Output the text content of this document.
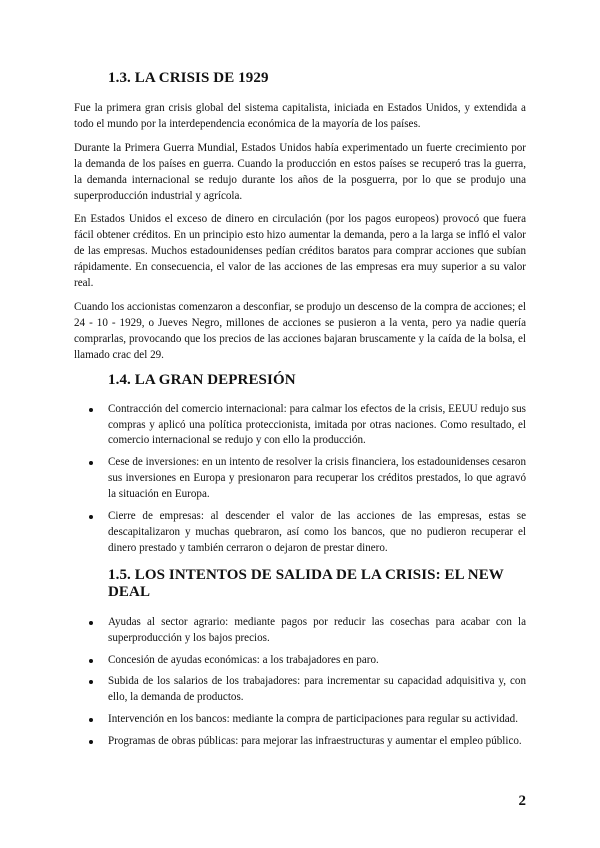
1.3. LA CRISIS DE 1929

Fue la primera gran crisis global del sistema capitalista, iniciada en Estados Unidos, y extendida a todo el mundo por la interdependencia económica de la mayoría de los países.

Durante la Primera Guerra Mundial, Estados Unidos había experimentado un fuerte crecimiento por la demanda de los países en guerra. Cuando la producción en estos países se recuperó tras la guerra, la demanda internacional se redujo durante los años de la posguerra, por lo que se produjo una superproducción industrial y agrícola.

En Estados Unidos el exceso de dinero en circulación (por los pagos europeos) provocó que fuera fácil obtener créditos. En un principio esto hizo aumentar la demanda, pero a la larga se infló el valor de las empresas. Muchos estadounidenses pedían créditos baratos para comprar acciones que subían rápidamente. En consecuencia, el valor de las acciones de las empresas era muy superior a su valor real.

Cuando los accionistas comenzaron a desconfiar, se produjo un descenso de la compra de acciones; el 24 - 10 - 1929, o Jueves Negro, millones de acciones se pusieron a la venta, pero ya nadie quería comprarlas, provocando que los precios de las acciones bajaran bruscamente y la caída de la bolsa, el llamado crac del 29.

1.4. LA GRAN DEPRESIÓN
Contracción del comercio internacional: para calmar los efectos de la crisis, EEUU redujo sus compras y aplicó una política proteccionista, imitada por otras naciones. Como resultado, el comercio internacional se redujo y con ello la producción.
Cese de inversiones: en un intento de resolver la crisis financiera, los estadounidenses cesaron sus inversiones en Europa y presionaron para recuperar los créditos prestados, lo que agravó la situación en Europa.
Cierre de empresas: al descender el valor de las acciones de las empresas, estas se descapitalizaron y muchas quebraron, así como los bancos, que no pudieron recuperar el dinero prestado y también cerraron o dejaron de prestar dinero.
1.5. LOS INTENTOS DE SALIDA DE LA CRISIS: EL NEW DEAL
Ayudas al sector agrario: mediante pagos por reducir las cosechas para acabar con la superproducción y los bajos precios.
Concesión de ayudas económicas: a los trabajadores en paro.
Subida de los salarios de los trabajadores: para incrementar su capacidad adquisitiva y, con ello, la demanda de productos.
Intervención en los bancos: mediante la compra de participaciones para regular su actividad.
Programas de obras públicas: para mejorar las infraestructuras y aumentar el empleo público.
2
